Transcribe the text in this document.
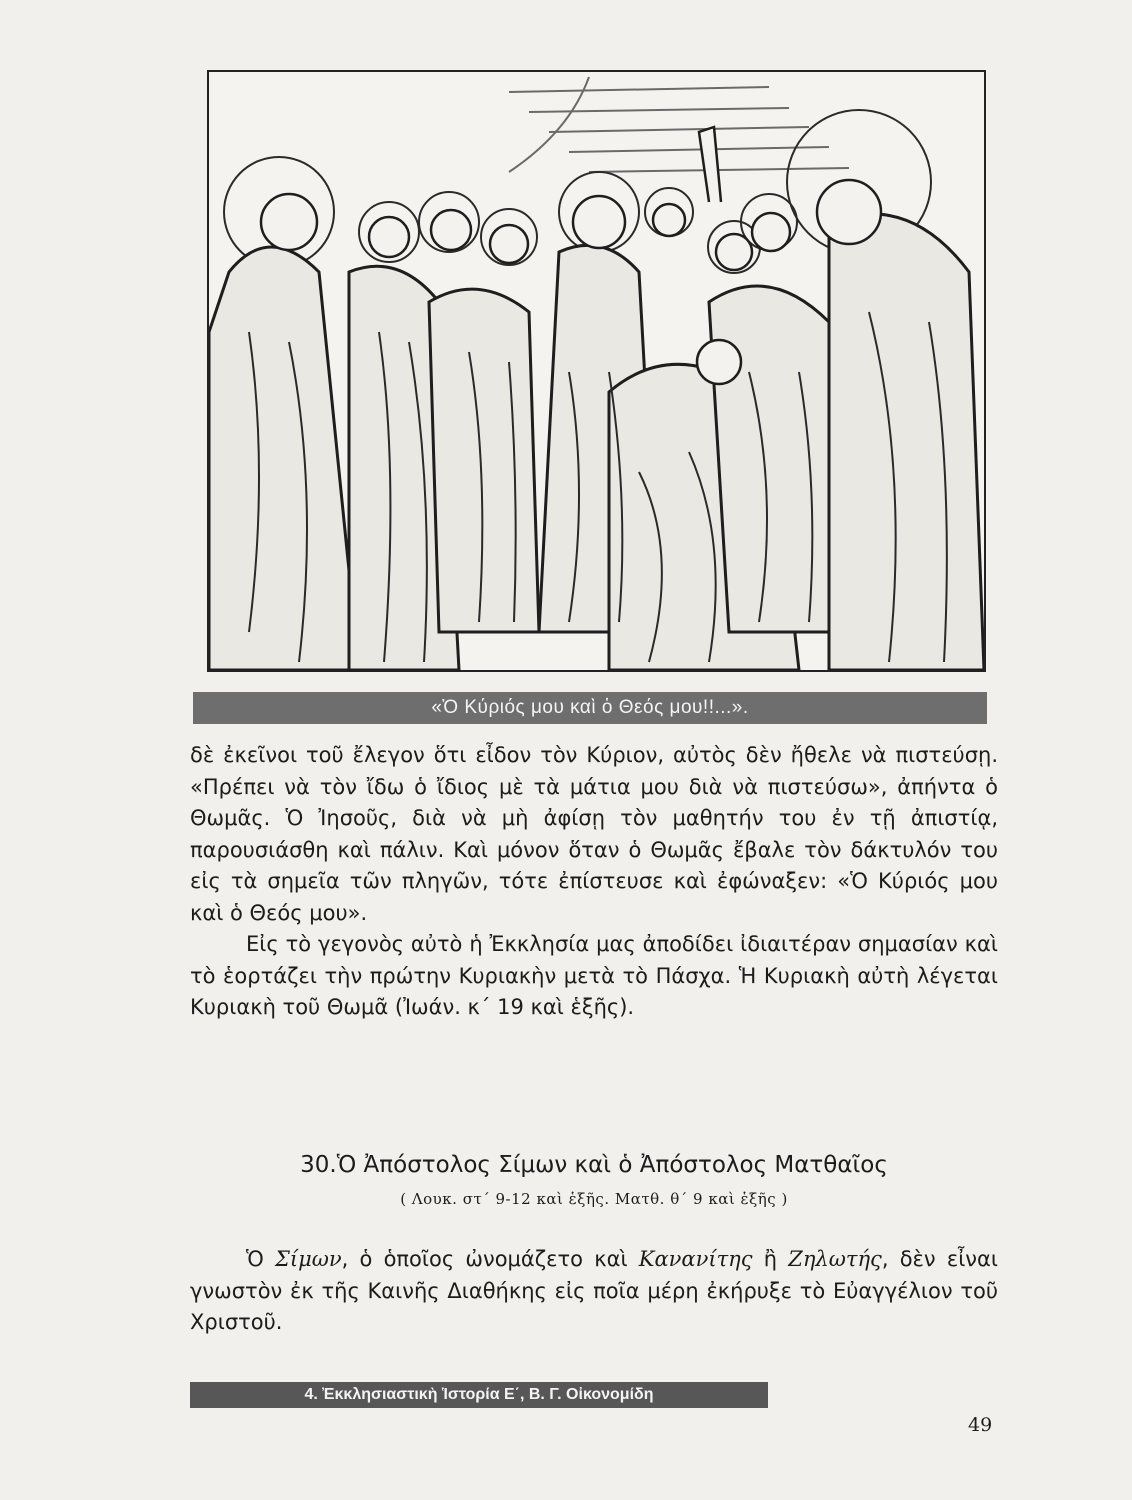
«Ὁ Κύριός μου καὶ ὁ Θεός μου!!...».

δὲ ἐκεῖνοι τοῦ ἔλεγον ὅτι εἶδον τὸν Κύριον, αὐτὸς δὲν ἤθελε νὰ πιστεύσῃ. «Πρέπει νὰ τὸν ἴδω ὁ ἴδιος μὲ τὰ μάτια μου διὰ νὰ πιστεύσω», ἀπήντα ὁ Θωμᾶς. Ὁ Ἰησοῦς, διὰ νὰ μὴ ἀφίσῃ τὸν μαθητήν του ἐν τῇ ἀπιστίᾳ, παρουσιάσθη καὶ πάλιν. Καὶ μόνον ὅταν ὁ Θωμᾶς ἔβαλε τὸν δάκτυλόν του εἰς τὰ σημεῖα τῶν πληγῶν, τότε ἐπίστευσε καὶ ἐφώναξεν: «Ὁ Κύριός μου καὶ ὁ Θεός μου».

Εἰς τὸ γεγονὸς αὐτὸ ἡ Ἐκκλησία μας ἀποδίδει ἰδιαιτέραν σημασίαν καὶ τὸ ἑορτάζει τὴν πρώτην Κυριακὴν μετὰ τὸ Πάσχα. Ἡ Κυριακὴ αὐτὴ λέγεται Κυριακὴ τοῦ Θωμᾶ (Ἰωάν. κ΄ 19 καὶ ἑξῆς).

30.Ὁ Ἀπόστολος Σίμων καὶ ὁ Ἀπόστολος Ματθαῖος
( Λουκ. στ΄ 9-12 καὶ ἑξῆς. Ματθ. θ΄ 9 καὶ ἑξῆς )

Ὁ Σίμων, ὁ ὁποῖος ὠνομάζετο καὶ Κανανίτης ἢ Ζηλωτής, δὲν εἶναι γνωστὸν ἐκ τῆς Καινῆς Διαθήκης εἰς ποῖα μέρη ἐκήρυξε τὸ Εὐαγγέλιον τοῦ Χριστοῦ.

4. Ἐκκλησιαστικὴ Ἱστορία Ε΄, Β. Γ. Οἰκονομίδη
49
